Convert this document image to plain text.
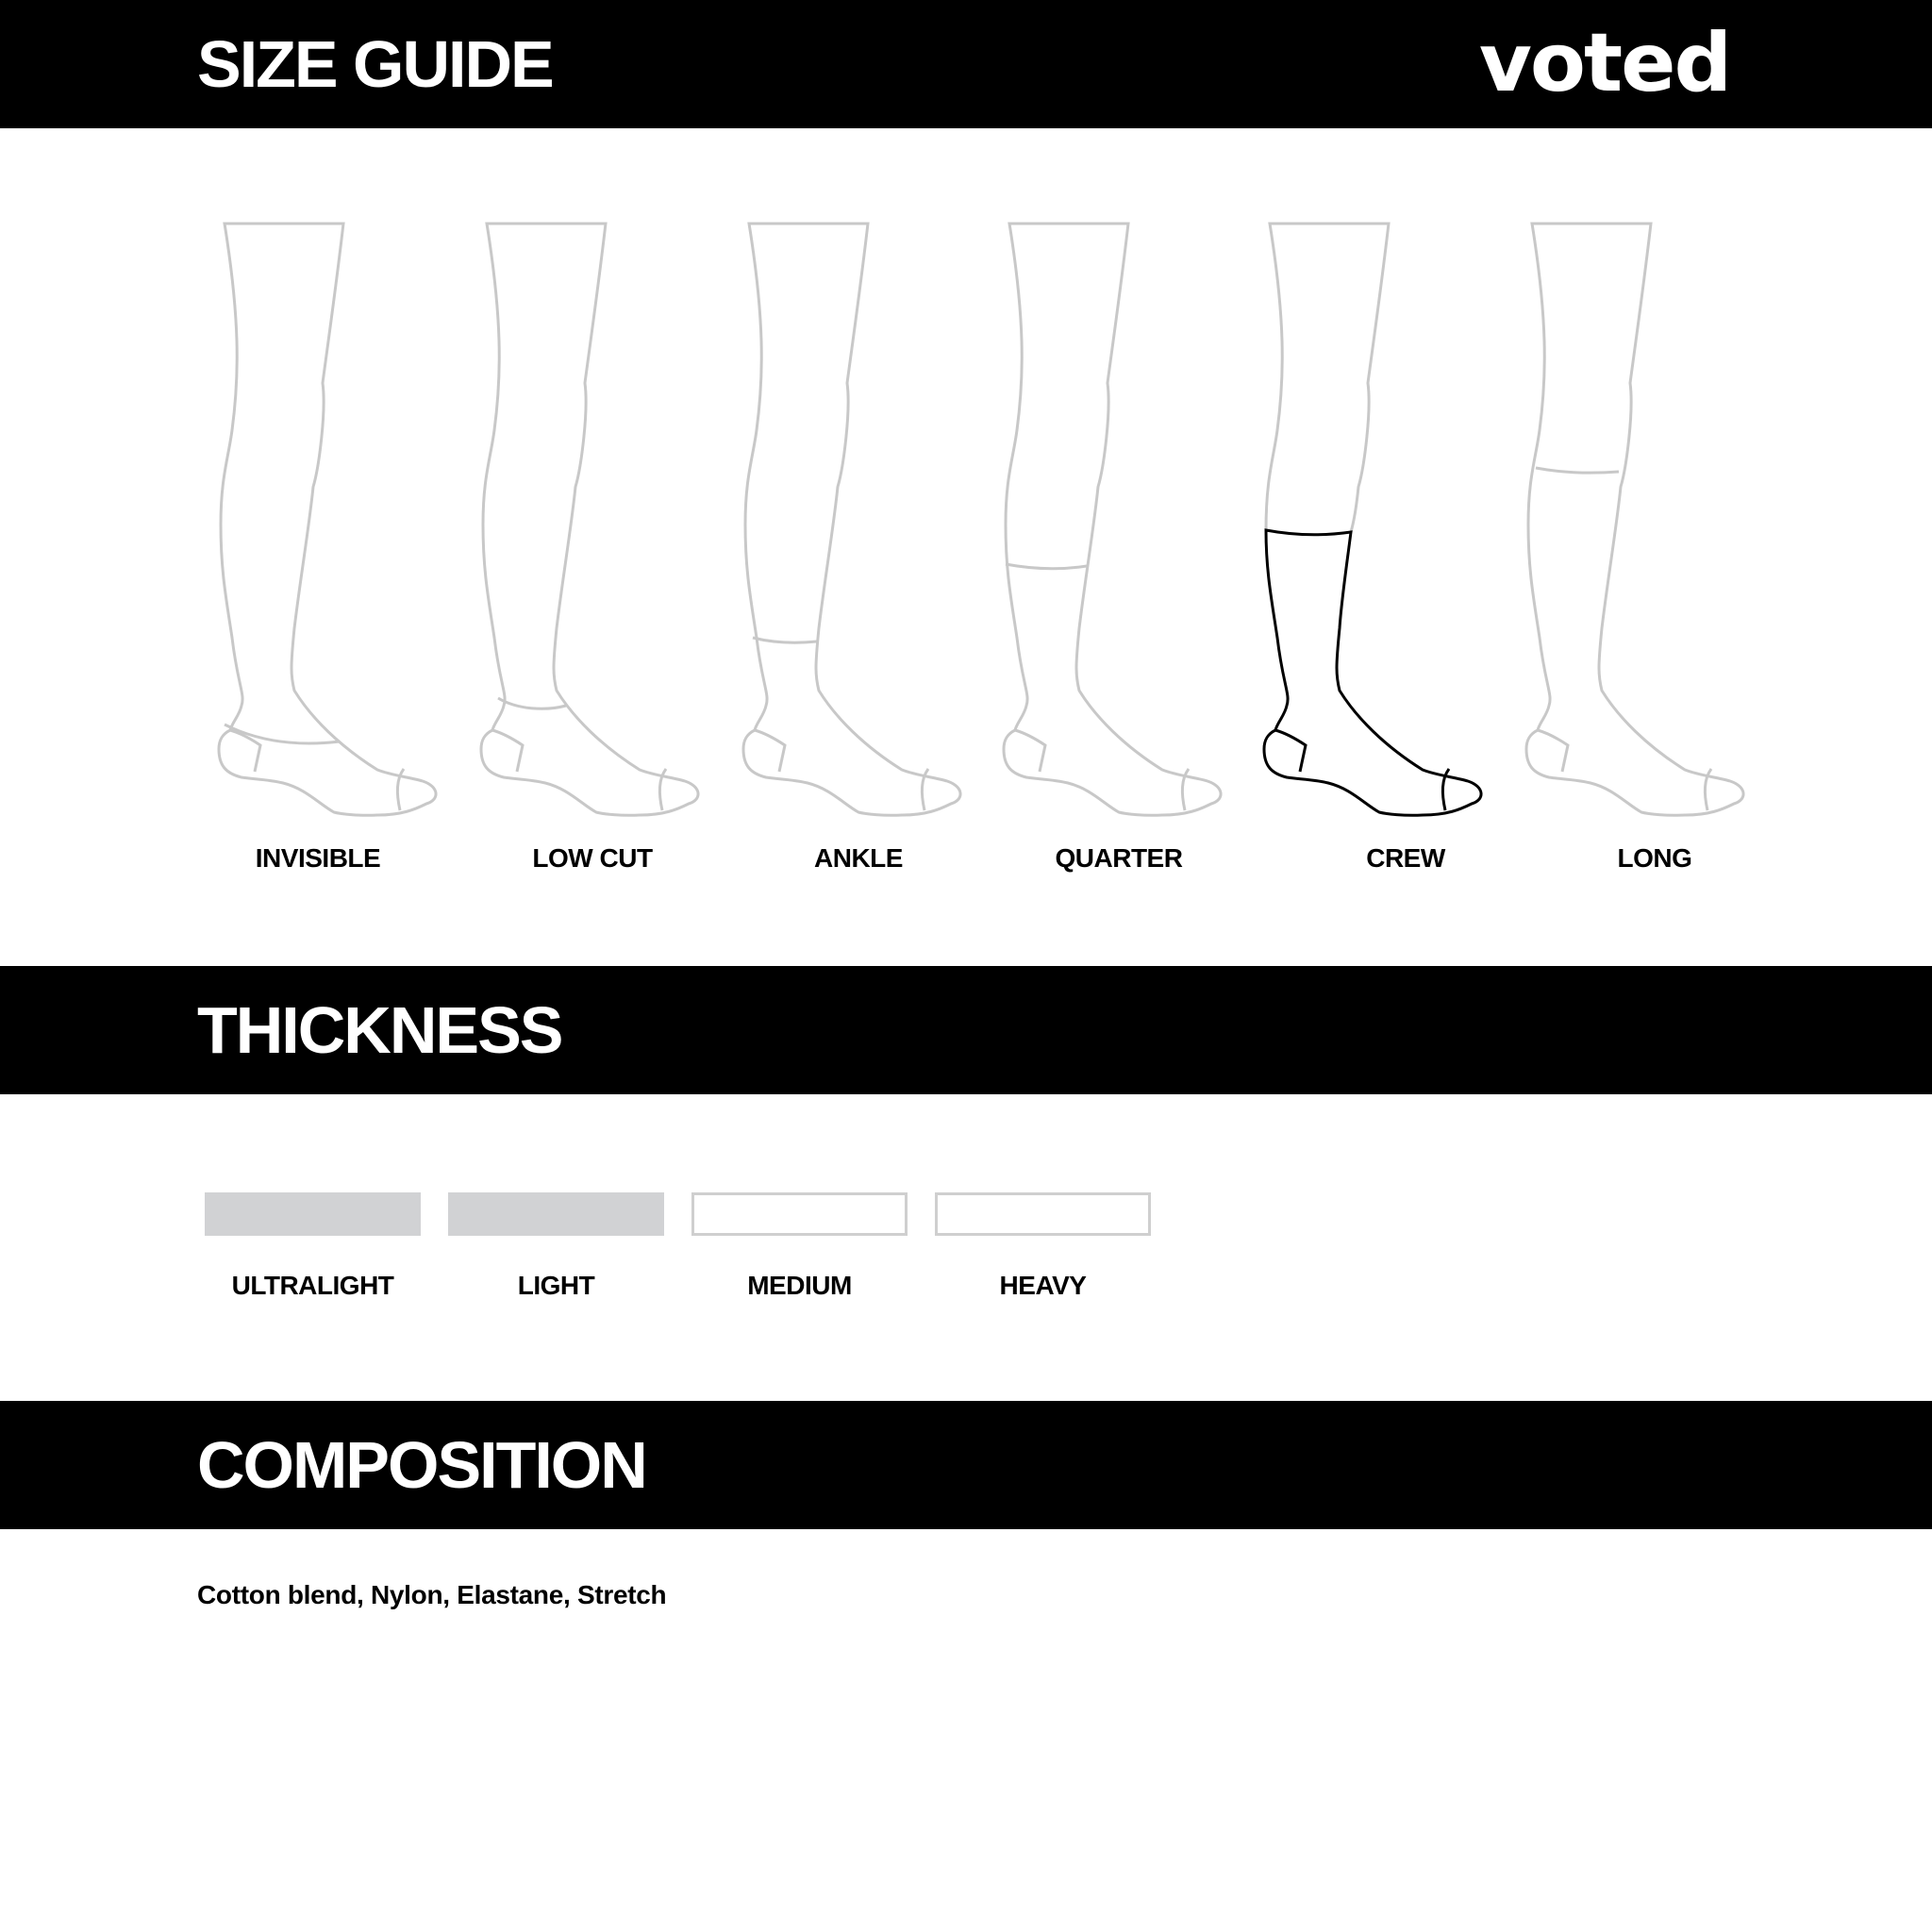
SIZE GUIDE	voted
INVISIBLE	LOW CUT	ANKLE	QUARTER	CREW	LONG
THICKNESS
ULTRALIGHT	LIGHT	MEDIUM	HEAVY
COMPOSITION
Cotton blend, Nylon, Elastane, Stretch
